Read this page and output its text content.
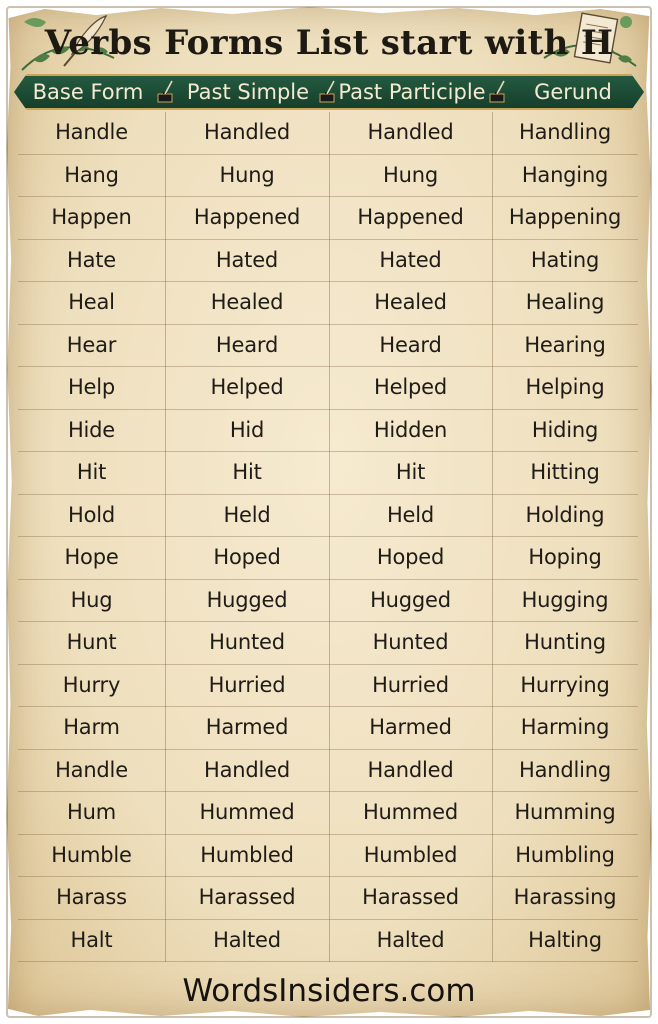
Verbs Forms List start with H
Base Form	Past Simple	Past Participle	Gerund
Handle	Handled	Handled	Handling
Hang	Hung	Hung	Hanging
Happen	Happened	Happened	Happening
Hate	Hated	Hated	Hating
Heal	Healed	Healed	Healing
Hear	Heard	Heard	Hearing
Help	Helped	Helped	Helping
Hide	Hid	Hidden	Hiding
Hit	Hit	Hit	Hitting
Hold	Held	Held	Holding
Hope	Hoped	Hoped	Hoping
Hug	Hugged	Hugged	Hugging
Hunt	Hunted	Hunted	Hunting
Hurry	Hurried	Hurried	Hurrying
Harm	Harmed	Harmed	Harming
Handle	Handled	Handled	Handling
Hum	Hummed	Hummed	Humming
Humble	Humbled	Humbled	Humbling
Harass	Harassed	Harassed	Harassing
Halt	Halted	Halted	Halting
WordsInsiders.com
